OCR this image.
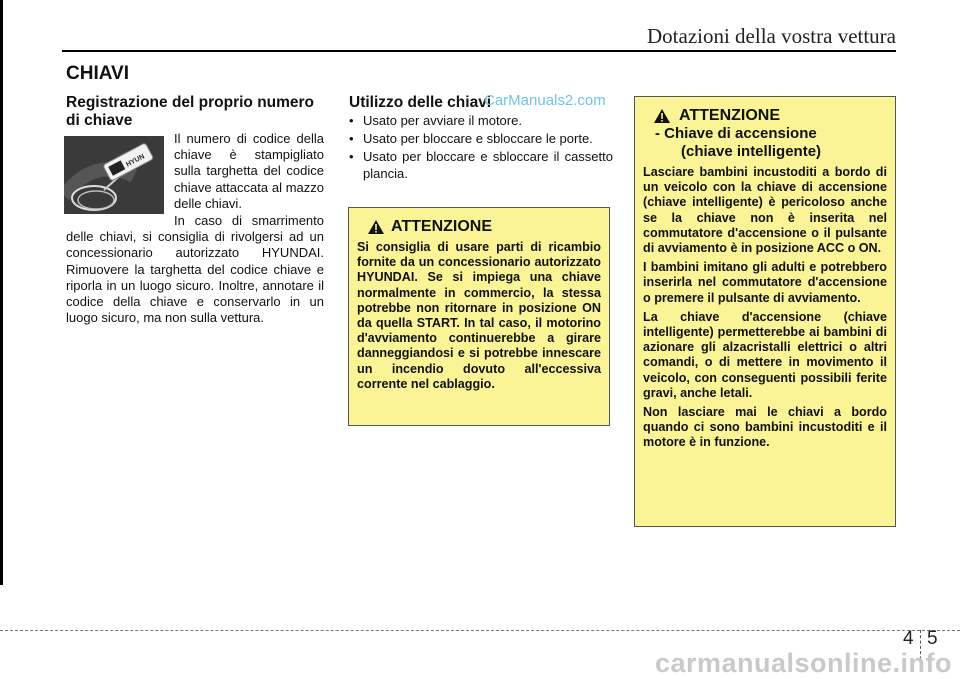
Dotazioni della vostra vettura
CHIAVI
Registrazione del proprio numero di chiave
HYUN
Il numero di codice della chiave è stampigliato sulla targhetta del codice chiave attaccata al mazzo delle chiavi.
In caso di smarrimento delle chiavi, si consiglia di rivolgersi ad un concessionario autorizzato HYUNDAI. Rimuovere la targhetta del codice chiave e riporla in un luogo sicuro. Inoltre, annotare il codice della chiave e conservarlo in un luogo sicuro, ma non sulla vettura.
Utilizzo delle chiavi
CarManuals2.com
• Usato per avviare il motore.
• Usato per bloccare e sbloccare le porte.
• Usato per bloccare e sbloccare il cassetto plancia.
ATTENZIONE
Si consiglia di usare parti di ricambio fornite da un concessionario autorizzato HYUNDAI. Se si impiega una chiave normalmente in commercio, la stessa potrebbe non ritornare in posizione ON da quella START. In tal caso, il motorino d'avviamento continuerebbe a girare danneggiandosi e si potrebbe innescare un incendio dovuto all'eccessiva corrente nel cablaggio.
ATTENZIONE
- Chiave di accensione
(chiave intelligente)

Lasciare bambini incustoditi a bordo di un veicolo con la chiave di accensione (chiave intelligente) è pericoloso anche se la chiave non è inserita nel commutatore d'accensione o il pulsante di avviamento è in posizione ACC o ON.

I bambini imitano gli adulti e potrebbero inserirla nel commutatore d'accensione o premere il pulsante di avviamento.

La chiave d'accensione (chiave intelligente) permetterebbe ai bambini di azionare gli alzacristalli elettrici o altri comandi, o di mettere in movimento il veicolo, con conseguenti possibili ferite gravi, anche letali.

Non lasciare mai le chiavi a bordo quando ci sono bambini incustoditi e il motore è in funzione.

4 5
carmanualsonline.info
